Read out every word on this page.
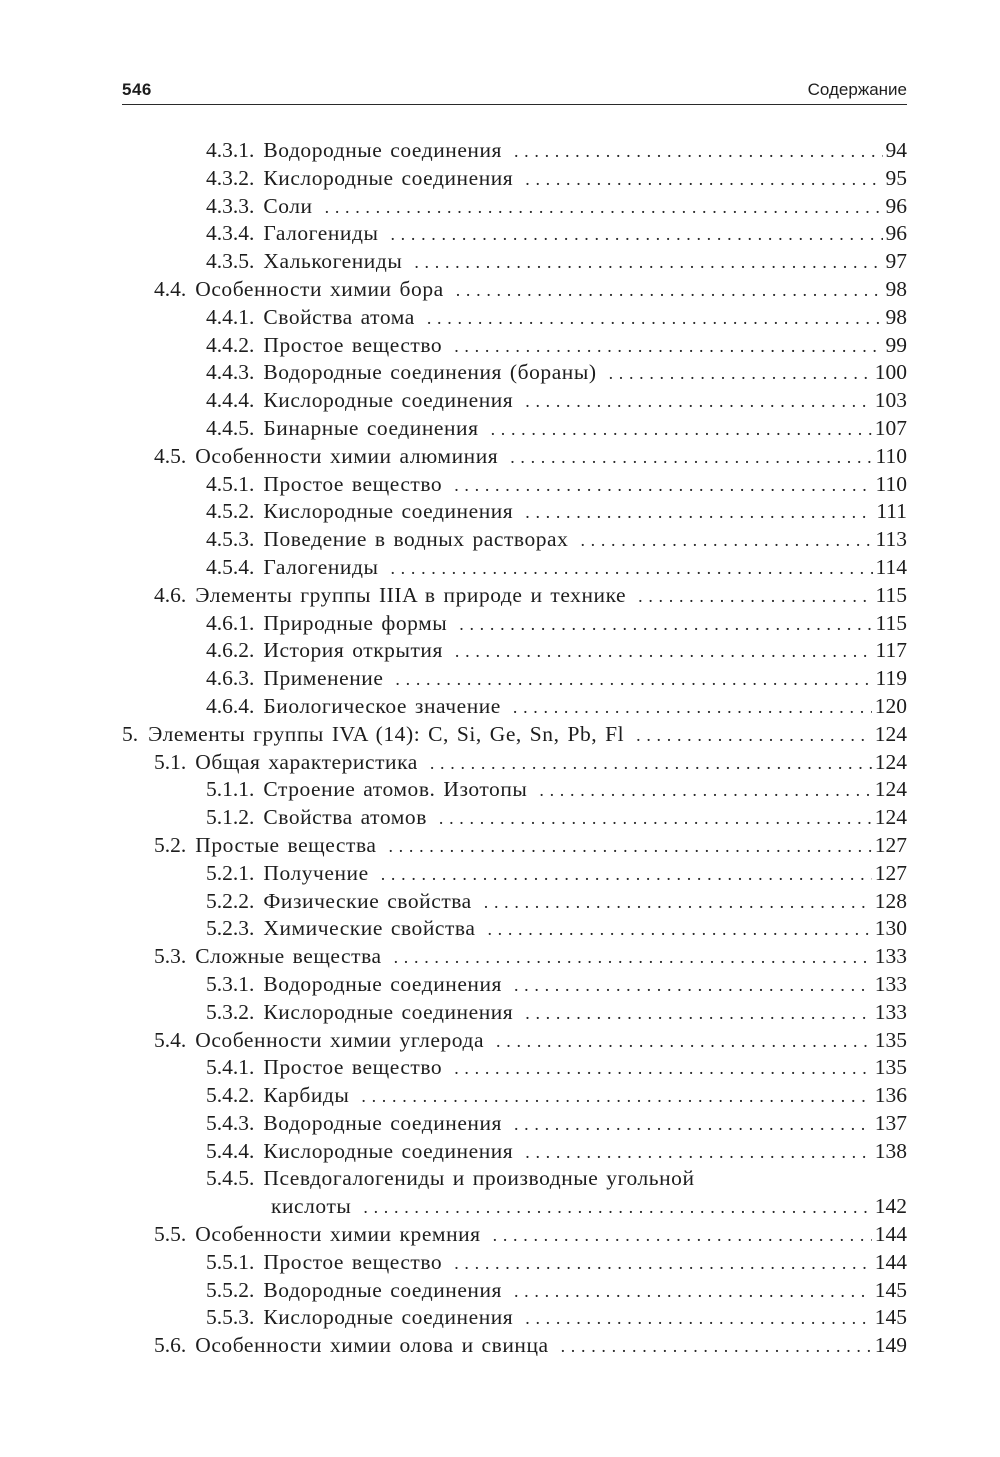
546	Содержание
4.3.1. Водородные соединения . . .	94
4.3.2. Кислородные соединения . . .	95
4.3.3. Соли . . .	96
4.3.4. Галогениды . . .	96
4.3.5. Халькогениды . . .	97
4.4. Особенности химии бора . . .	98
4.4.1. Свойства атома . . .	98
4.4.2. Простое вещество . . .	99
4.4.3. Водородные соединения (бораны) . . .	100
4.4.4. Кислородные соединения . . .	103
4.4.5. Бинарные соединения . . .	107
4.5. Особенности химии алюминия . . .	110
4.5.1. Простое вещество . . .	110
4.5.2. Кислородные соединения . . .	111
4.5.3. Поведение в водных растворах . . .	113
4.5.4. Галогениды . . .	114
4.6. Элементы группы IIIA в природе и технике . . .	115
4.6.1. Природные формы . . .	115
4.6.2. История открытия . . .	117
4.6.3. Применение . . .	119
4.6.4. Биологическое значение . . .	120
5. Элементы группы IVA (14): C, Si, Ge, Sn, Pb, Fl . . .	124
5.1. Общая характеристика . . .	124
5.1.1. Строение атомов. Изотопы . . .	124
5.1.2. Свойства атомов . . .	124
5.2. Простые вещества . . .	127
5.2.1. Получение . . .	127
5.2.2. Физические свойства . . .	128
5.2.3. Химические свойства . . .	130
5.3. Сложные вещества . . .	133
5.3.1. Водородные соединения . . .	133
5.3.2. Кислородные соединения . . .	133
5.4. Особенности химии углерода . . .	135
5.4.1. Простое вещество . . .	135
5.4.2. Карбиды . . .	136
5.4.3. Водородные соединения . . .	137
5.4.4. Кислородные соединения . . .	138
5.4.5. Псевдогалогениды и производные угольной
кислоты . . .	142
5.5. Особенности химии кремния . . .	144
5.5.1. Простое вещество . . .	144
5.5.2. Водородные соединения . . .	145
5.5.3. Кислородные соединения . . .	145
5.6. Особенности химии олова и свинца . . .	149
